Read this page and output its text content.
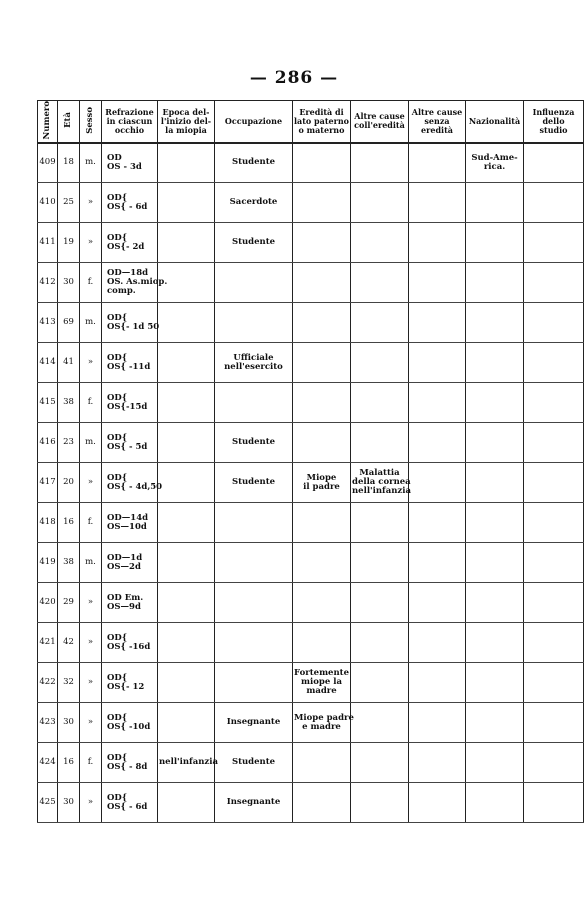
— 286 —
Numero	Età	Sesso	Refrazione
in ciascun
occhio	Epoca del-
l'inizio del-
la miopia	Occupazione	Eredità di
lato paterno
o materno	Altre cause
coll'eredità	Altre cause
senza
eredità	Nazionalità	Influenza
dello
studio

409	18	m.	OD
OS - 3d		Studente				Sud-Ame-
rica.	

410	25	»	OD{
OS{ - 6d		Sacerdote					

411	19	»	OD{
OS{- 2d		Studente					

412	30	f.	OD—18d
OS. As.miop.
comp.							

413	69	m.	OD{
OS{- 1d 50							

414	41	»	OD{
OS{ -11d		Ufficiale
nell'esercito					

415	38	f.	OD{
OS{-15d							

416	23	m.	OD{
OS{ - 5d		Studente					

417	20	»	OD{
OS{ - 4d,50		Studente	Miope
il padre	Malattia
della cornea
nell'infanzia			

418	16	f.	OD—14d
OS—10d							

419	38	m.	OD—1d
OS—2d							

420	29	»	OD Em.
OS—9d							

421	42	»	OD{
OS{ -16d							

422	32	»	OD{
OS{- 12			Fortemente
miope la
madre				

423	30	»	OD{
OS{ -10d		Insegnante	Miope padre
e madre				

424	16	f.	OD{
OS{ - 8d	nell'infanzia	Studente					

425	30	»	OD{
OS{ - 6d		Insegnante					
